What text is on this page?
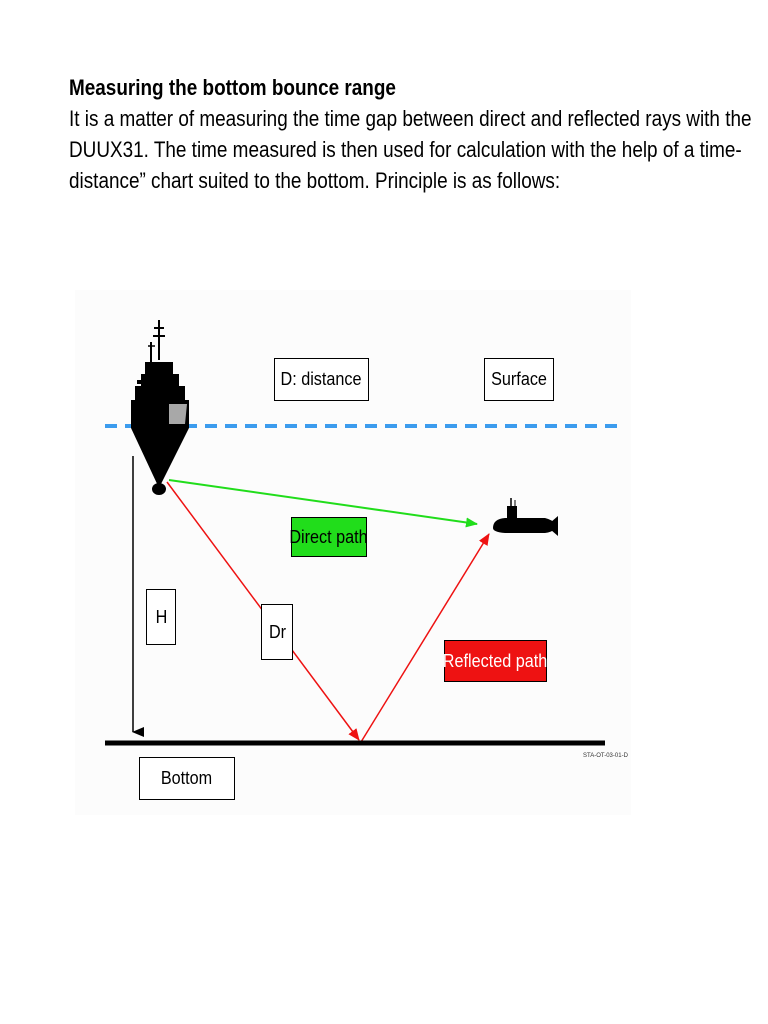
Measuring the bottom bounce range
It is a matter of measuring the time gap between direct and reflected rays with the
DUUX31. The time measured is then used for calculation with the help of a time-
distance” chart suited to the bottom. Principle is as follows:
D: distance	Surface
Direct path
H
Dr
Reflected path
Bottom
STA-OT-03-01-D
